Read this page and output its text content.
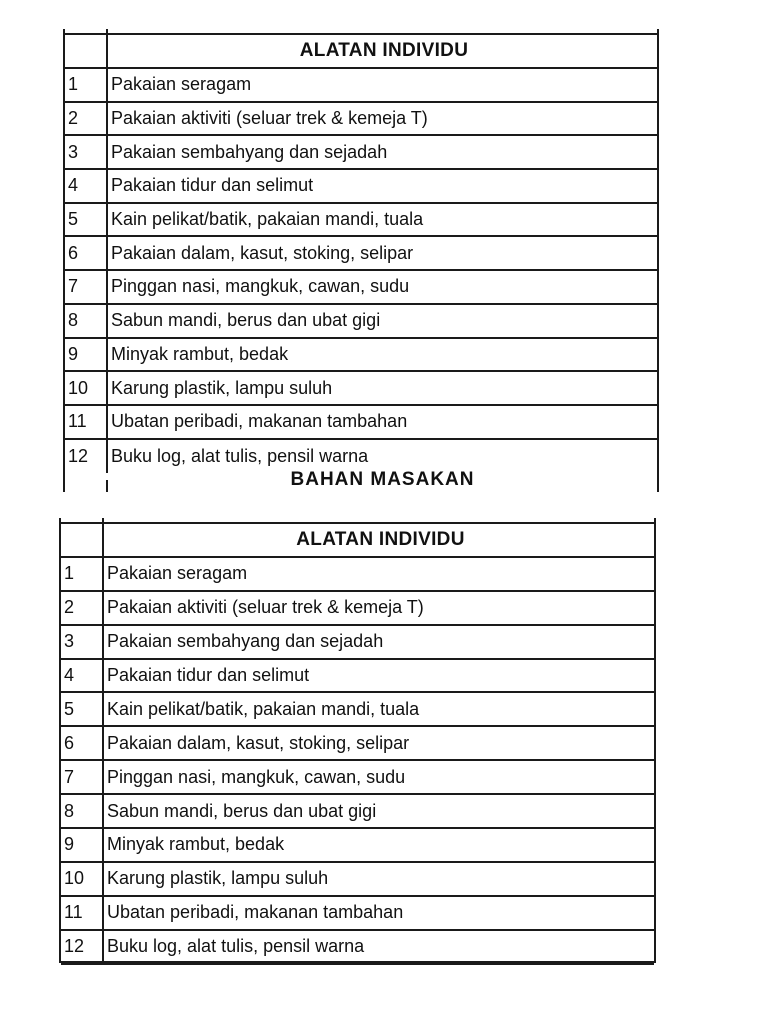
ALATAN INDIVIDU
1	Pakaian seragam
2	Pakaian aktiviti (seluar trek & kemeja T)
3	Pakaian sembahyang dan sejadah
4	Pakaian tidur dan selimut
5	Kain pelikat/batik, pakaian mandi, tuala
6	Pakaian dalam, kasut, stoking, selipar
7	Pinggan nasi, mangkuk, cawan, sudu
8	Sabun mandi, berus dan ubat gigi
9	Minyak rambut, bedak
10	Karung plastik, lampu suluh
11	Ubatan peribadi, makanan tambahan
12	Buku log, alat tulis, pensil warna
BAHAN MASAKAN
ALATAN INDIVIDU
1	Pakaian seragam
2	Pakaian aktiviti (seluar trek & kemeja T)
3	Pakaian sembahyang dan sejadah
4	Pakaian tidur dan selimut
5	Kain pelikat/batik, pakaian mandi, tuala
6	Pakaian dalam, kasut, stoking, selipar
7	Pinggan nasi, mangkuk, cawan, sudu
8	Sabun mandi, berus dan ubat gigi
9	Minyak rambut, bedak
10	Karung plastik, lampu suluh
11	Ubatan peribadi, makanan tambahan
12	Buku log, alat tulis, pensil warna
